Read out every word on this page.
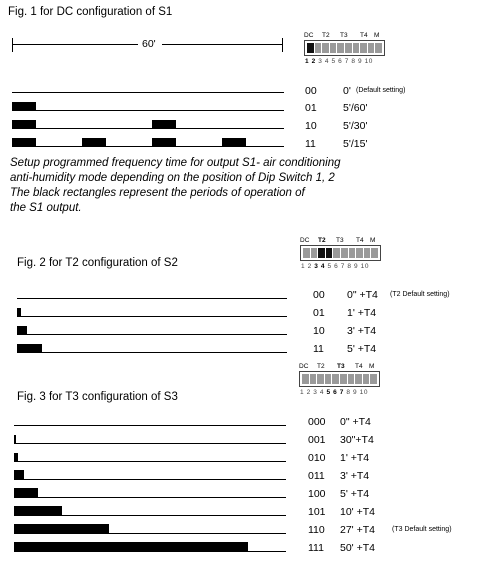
Fig. 1 for DC configuration of S1
60'
DC T2 T3 T4 M
1 2 3 4 5 6 7 8 9 10
00	0' (Default setting)
01	5'/60'
10	5'/30'
11	5'/15'
Setup programmed frequency time for output S1- air conditioning
anti-humidity mode depending on the position of Dip Switch 1, 2
The black rectangles represent the periods of operation of
the S1 output.
DC T2 T3 T4 M
1 2 3 4 5 6 7 8 9 10
Fig. 2 for T2 configuration of S2
00 0" +T4 (T2 Default setting)
01 1' +T4
10 3' +T4
11 5' +T4
DC T2 T3 T4 M
1 2 3 4 5 6 7 8 9 10
Fig. 3 for T3 configuration of S3
000 0" +T4
001 30"+T4
010 1' +T4
011 3' +T4
100 5' +T4
101 10' +T4
110 27' +T4 (T3 Default setting)
111 50' +T4
